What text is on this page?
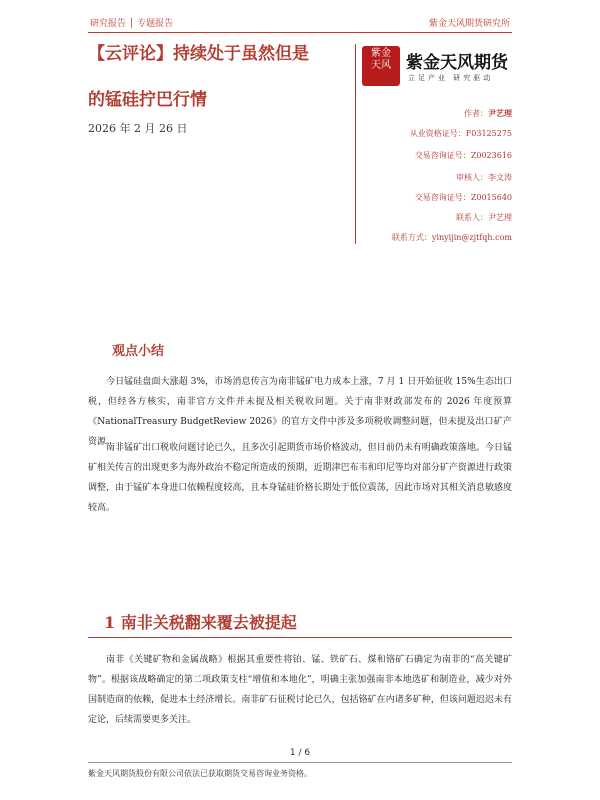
研究报告 │ 专题报告	紫金天风期货研究所
【云评论】持续处于虽然但是
的锰硅拧巴行情
2026 年 2 月 26 日
紫金
天风 紫金天风期货
立足产业 研究驱动
作者：尹艺理
从业资格证号：F03125275
交易咨询证号：Z0023616
审核人：李文涛
交易咨询证号：Z0015640
联系人：尹艺理
联系方式：yinyijin@zjtfqh.com
观点小结

今日锰硅盘面大涨超 3%，市场消息传言为南非锰矿电力成本上涨，7 月 1 日开始征收 15%生态出口税，但经各方核实，南非官方文件并未提及相关税收问题。关于南非财政部发布的 2026 年度预算《NationalTreasury BudgetReview 2026》的官方文件中涉及多项税收调整问题，但未提及出口矿产资源。

南非锰矿出口税收问题讨论已久，且多次引起期货市场价格波动，但目前仍未有明确政策落地。今日锰矿相关传言的出现更多为海外政治不稳定所造成的预期，近期津巴布韦和印尼等均对部分矿产资源进行政策调整，由于锰矿本身进口依赖程度较高，且本身锰硅价格长期处于低位震荡，因此市场对其相关消息敏感度较高。

1 南非关税翻来覆去被提起

南非《关键矿物和金属战略》根据其重要性将铂、锰、铁矿石、煤和铬矿石确定为南非的“高关键矿物”。根据该战略确定的第二项政策支柱“增值和本地化”，明确主张加强南非本地选矿和制造业，减少对外国制造商的依赖，促进本土经济增长。南非矿石征税讨论已久，包括铬矿在内诸多矿种，但该问题迟迟未有定论，后续需要更多关注。

1 / 6
紫金天风期货股份有限公司依法已获取期货交易咨询业务资格。
